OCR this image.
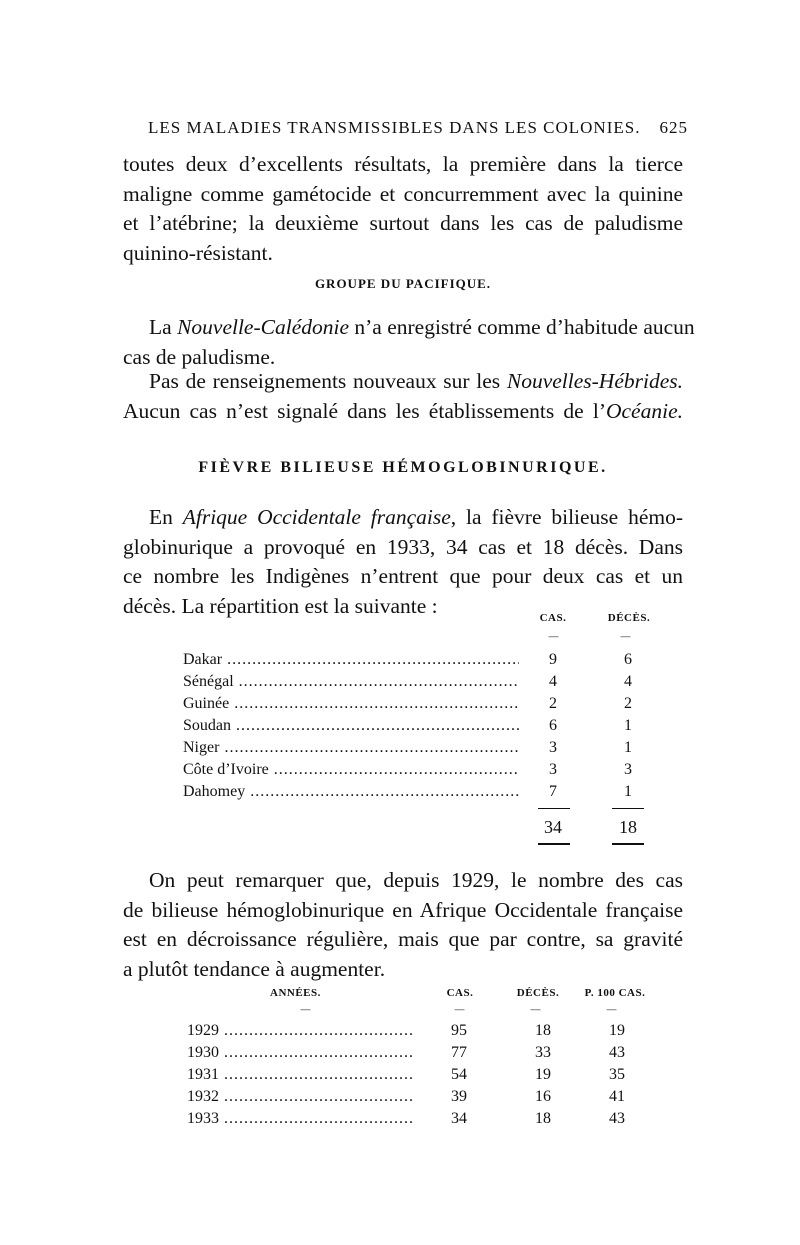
LES MALADIES TRANSMISSIBLES DANS LES COLONIES. 625
toutes deux d’excellents résultats, la première dans la tierce
maligne comme gamétocide et concurremment avec la quinine
et l’atébrine; la deuxième surtout dans les cas de paludisme
quinino-résistant.
GROUPE DU PACIFIQUE.
La Nouvelle-Calédonie n’a enregistré comme d’habitude aucun
cas de paludisme.
Pas de renseignements nouveaux sur les Nouvelles-Hébrides.
Aucun cas n’est signalé dans les établissements de l’Océanie.
FIÈVRE BILIEUSE HÉMOGLOBINURIQUE.
En Afrique Occidentale française, la fièvre bilieuse hémo-
globinurique a provoqué en 1933, 34 cas et 18 décès. Dans
ce nombre les Indigènes n’entrent que pour deux cas et un
décès. La répartition est la suivante :
CAS.	DÉCÈS.
—	—
Dakar .....	9	6
Sénégal .....	4	4
Guinée .....	2	2
Soudan .....	6	1
Niger .....	3	1
Côte d’Ivoire .....	3	3
Dahomey .....	7	1
34	18
On peut remarquer que, depuis 1929, le nombre des cas
de bilieuse hémoglobinurique en Afrique Occidentale française
est en décroissance régulière, mais que par contre, sa gravité
a plutôt tendance à augmenter.
ANNÉES.	CAS.	DÉCÈS.	P. 100 CAS.
—	—	—	—
1929 .....	95	18	19
1930 .....	77	33	43
1931 .....	54	19	35
1932 .....	39	16	41
1933 .....	34	18	43
